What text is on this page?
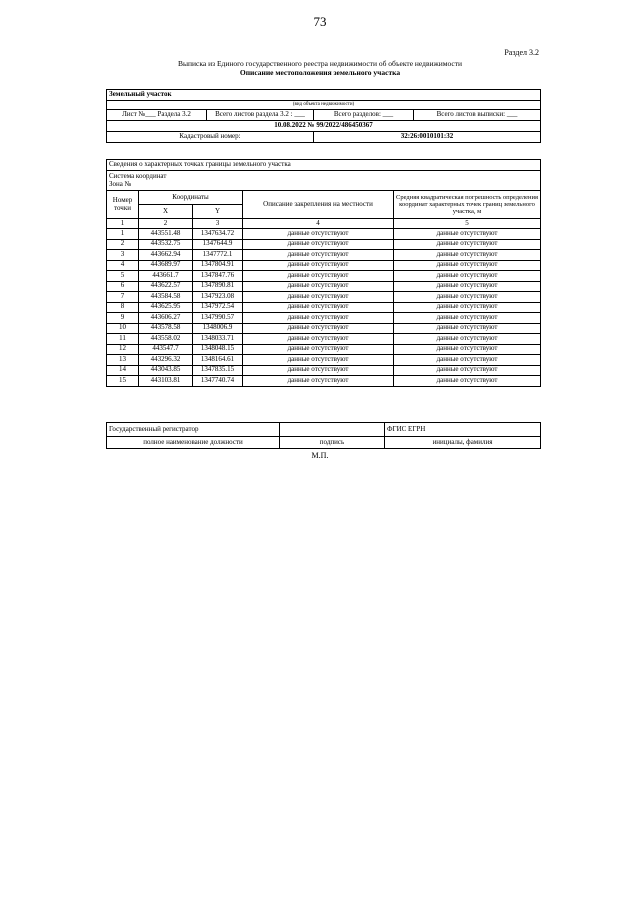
73
Раздел 3.2
Выписка из Единого государственного реестра недвижимости об объекте недвижимости
Описание местоположения земельного участка
Земельный участок			
(вид объекта недвижимости)			
Лист №___ Раздела 3.2	Всего листов раздела 3.2 : ___	Всего разделов: ___	Всего листов выписки: ___
10.08.2022 № 99/2022/486450367			
Кадастровый номер:		32:26:0010101:32	
Сведения о характерных точках границы земельного участка				

Система координат
Зона №				

Номер точки	Координаты		Описание закрепления на местности	Средняя квадратическая погрешность определения координат характерных точек границ земельного участка, м
	X	Y		
1	2	3	4	5
1	443551.48	1347634.72	данные отсутствуют	данные отсутствуют
2	443532.75	1347644.9	данные отсутствуют	данные отсутствуют
3	443662.94	1347772.1	данные отсутствуют	данные отсутствуют
4	443689.97	1347804.91	данные отсутствуют	данные отсутствуют
5	443661.7	1347847.76	данные отсутствуют	данные отсутствуют
6	443622.57	1347890.81	данные отсутствуют	данные отсутствуют
7	443584.58	1347923.08	данные отсутствуют	данные отсутствуют
8	443625.95	1347972.54	данные отсутствуют	данные отсутствуют
9	443606.27	1347990.57	данные отсутствуют	данные отсутствуют
10	443578.58	1348006.9	данные отсутствуют	данные отсутствуют
11	443558.02	1348033.71	данные отсутствуют	данные отсутствуют
12	443547.7	1348048.15	данные отсутствуют	данные отсутствуют
13	443296.32	1348164.61	данные отсутствуют	данные отсутствуют
14	443043.85	1347835.15	данные отсутствуют	данные отсутствуют
15	443103.81	1347740.74	данные отсутствуют	данные отсутствуют
Государственный регистратор		ФГИС ЕГРН
полное наименование должности	подпись	инициалы, фамилия
М.П.
